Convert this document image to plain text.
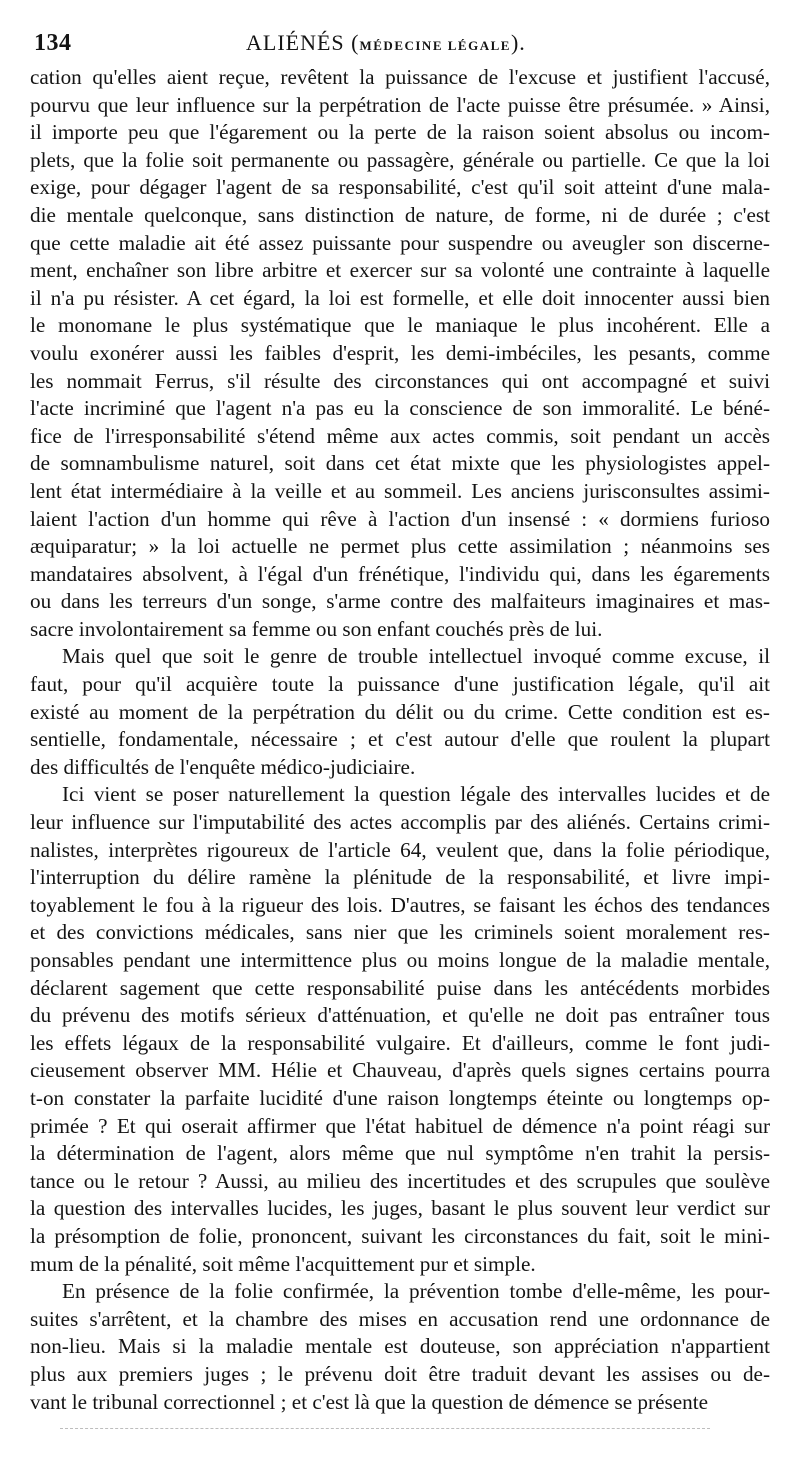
134	ALIÉNÉS (MÉDECINE LÉGALE).
cation qu'elles aient reçue, revêtent la puissance de l'excuse et justifient l'accusé,
pourvu que leur influence sur la perpétration de l'acte puisse être présumée. » Ainsi,
il importe peu que l'égarement ou la perte de la raison soient absolus ou incom-
plets, que la folie soit permanente ou passagère, générale ou partielle. Ce que la loi
exige, pour dégager l'agent de sa responsabilité, c'est qu'il soit atteint d'une mala-
die mentale quelconque, sans distinction de nature, de forme, ni de durée ; c'est
que cette maladie ait été assez puissante pour suspendre ou aveugler son discerne-
ment, enchaîner son libre arbitre et exercer sur sa volonté une contrainte à laquelle
il n'a pu résister. A cet égard, la loi est formelle, et elle doit innocenter aussi bien
le monomane le plus systématique que le maniaque le plus incohérent. Elle a
voulu exonérer aussi les faibles d'esprit, les demi-imbéciles, les pesants, comme
les nommait Ferrus, s'il résulte des circonstances qui ont accompagné et suivi
l'acte incriminé que l'agent n'a pas eu la conscience de son immoralité. Le béné-
fice de l'irresponsabilité s'étend même aux actes commis, soit pendant un accès
de somnambulisme naturel, soit dans cet état mixte que les physiologistes appel-
lent état intermédiaire à la veille et au sommeil. Les anciens jurisconsultes assimi-
laient l'action d'un homme qui rêve à l'action d'un insensé : « dormiens furioso
æquiparatur; » la loi actuelle ne permet plus cette assimilation ; néanmoins ses
mandataires absolvent, à l'égal d'un frénétique, l'individu qui, dans les égarements
ou dans les terreurs d'un songe, s'arme contre des malfaiteurs imaginaires et mas-
sacre involontairement sa femme ou son enfant couchés près de lui.
Mais quel que soit le genre de trouble intellectuel invoqué comme excuse, il
faut, pour qu'il acquière toute la puissance d'une justification légale, qu'il ait
existé au moment de la perpétration du délit ou du crime. Cette condition est es-
sentielle, fondamentale, nécessaire ; et c'est autour d'elle que roulent la plupart
des difficultés de l'enquête médico-judiciaire.
Ici vient se poser naturellement la question légale des intervalles lucides et de
leur influence sur l'imputabilité des actes accomplis par des aliénés. Certains crimi-
nalistes, interprètes rigoureux de l'article 64, veulent que, dans la folie périodique,
l'interruption du délire ramène la plénitude de la responsabilité, et livre impi-
toyablement le fou à la rigueur des lois. D'autres, se faisant les échos des tendances
et des convictions médicales, sans nier que les criminels soient moralement res-
ponsables pendant une intermittence plus ou moins longue de la maladie mentale,
déclarent sagement que cette responsabilité puise dans les antécédents morbides
du prévenu des motifs sérieux d'atténuation, et qu'elle ne doit pas entraîner tous
les effets légaux de la responsabilité vulgaire. Et d'ailleurs, comme le font judi-
cieusement observer MM. Hélie et Chauveau, d'après quels signes certains pourra
t-on constater la parfaite lucidité d'une raison longtemps éteinte ou longtemps op-
primée ? Et qui oserait affirmer que l'état habituel de démence n'a point réagi sur
la détermination de l'agent, alors même que nul symptôme n'en trahit la persis-
tance ou le retour ? Aussi, au milieu des incertitudes et des scrupules que soulève
la question des intervalles lucides, les juges, basant le plus souvent leur verdict sur
la présomption de folie, prononcent, suivant les circonstances du fait, soit le mini-
mum de la pénalité, soit même l'acquittement pur et simple.
En présence de la folie confirmée, la prévention tombe d'elle-même, les pour-
suites s'arrêtent, et la chambre des mises en accusation rend une ordonnance de
non-lieu. Mais si la maladie mentale est douteuse, son appréciation n'appartient
plus aux premiers juges ; le prévenu doit être traduit devant les assises ou de-
vant le tribunal correctionnel ; et c'est là que la question de démence se présente
